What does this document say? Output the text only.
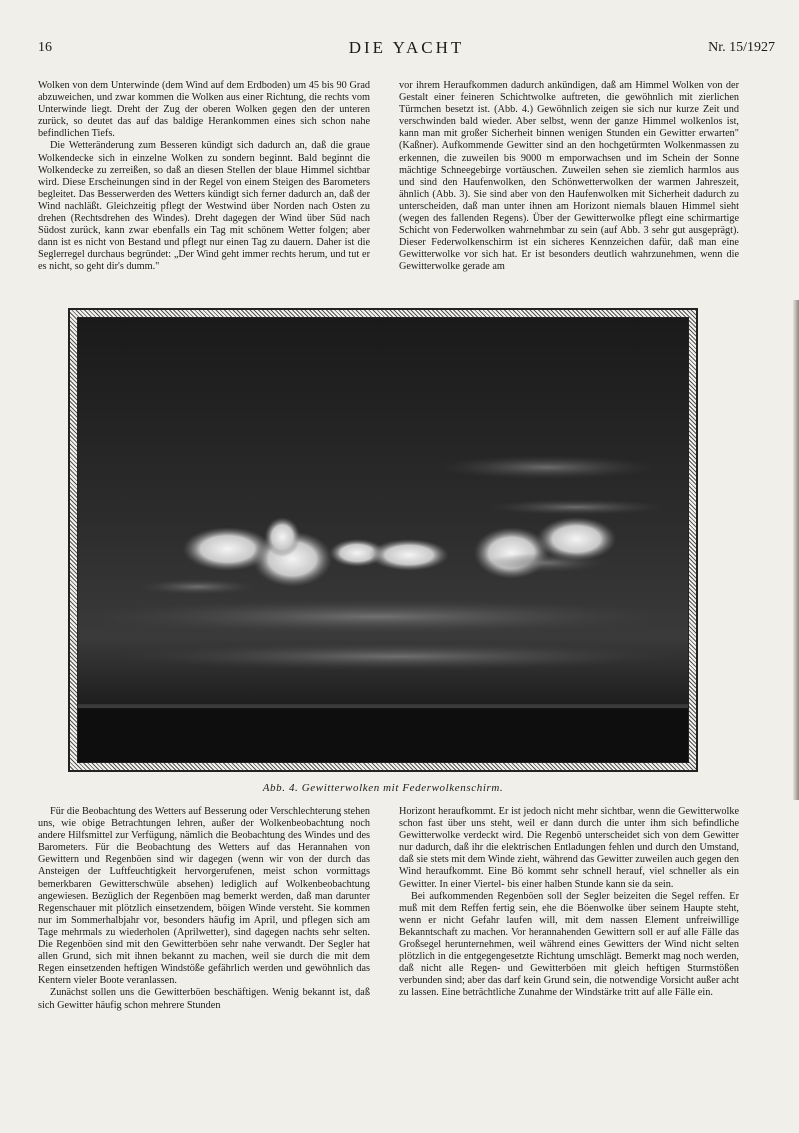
16	DIE YACHT	Nr. 15/1927

Wolken von dem Unterwinde (dem Wind auf dem Erdboden) um 45 bis 90 Grad abzuweichen, und zwar kommen die Wolken aus einer Richtung, die rechts vom Unterwinde liegt. Dreht der Zug der oberen Wolken gegen den der unteren zurück, so deutet das auf das baldige Herankommen eines sich schon nahe befindlichen Tiefs.

Die Wetteränderung zum Besseren kündigt sich dadurch an, daß die graue Wolkendecke sich in einzelne Wolken zu sondern beginnt. Bald beginnt die Wolkendecke zu zerreißen, so daß an diesen Stellen der blaue Himmel sichtbar wird. Diese Erscheinungen sind in der Regel von einem Steigen des Barometers begleitet. Das Besserwerden des Wetters kündigt sich ferner dadurch an, daß der Wind nachläßt. Gleichzeitig pflegt der Westwind über Norden nach Osten zu drehen (Rechtsdrehen des Windes). Dreht dagegen der Wind über Süd nach Südost zurück, kann zwar ebenfalls ein Tag mit schönem Wetter folgen; aber dann ist es nicht von Bestand und pflegt nur einen Tag zu dauern. Daher ist die Seglerregel durchaus begründet: „Der Wind geht immer rechts herum, und tut er es nicht, so geht dir's dumm."

vor ihrem Heraufkommen dadurch ankündigen, daß am Himmel Wolken von der Gestalt einer feineren Schichtwolke auftreten, die gewöhnlich mit zierlichen Türmchen besetzt ist. (Abb. 4.) Gewöhnlich zeigen sie sich nur kurze Zeit und verschwinden bald wieder. Aber selbst, wenn der ganze Himmel wolkenlos ist, kann man mit großer Sicherheit binnen wenigen Stunden ein Gewitter erwarten" (Kaßner). Aufkommende Gewitter sind an den hochgetürmten Wolkenmassen zu erkennen, die zuweilen bis 9000 m emporwachsen und im Schein der Sonne mächtige Schneegebirge vortäuschen. Zuweilen sehen sie ziemlich harmlos aus und sind den Haufenwolken, den Schönwetterwolken der warmen Jahreszeit, ähnlich (Abb. 3). Sie sind aber von den Haufenwolken mit Sicherheit dadurch zu unterscheiden, daß man unter ihnen am Horizont niemals blauen Himmel sieht (wegen des fallenden Regens). Über der Gewitterwolke pflegt eine schirmartige Schicht von Federwolken wahrnehmbar zu sein (auf Abb. 3 sehr gut ausgeprägt). Dieser Federwolkenschirm ist ein sicheres Kennzeichen dafür, daß man eine Gewitterwolke vor sich hat. Er ist besonders deutlich wahrzunehmen, wenn die Gewitterwolke gerade am

Abb. 4. Gewitterwolken mit Federwolkenschirm.

Für die Beobachtung des Wetters auf Besserung oder Verschlechterung stehen uns, wie obige Betrachtungen lehren, außer der Wolkenbeobachtung noch andere Hilfsmittel zur Verfügung, nämlich die Beobachtung des Windes und des Barometers. Für die Beobachtung des Wetters auf das Herannahen von Gewittern und Regenböen sind wir dagegen (wenn wir von der durch das Ansteigen der Luftfeuchtigkeit hervorgerufenen, meist schon vormittags bemerkbaren Gewitterschwüle absehen) lediglich auf Wolkenbeobachtung angewiesen. Bezüglich der Regenböen mag bemerkt werden, daß man darunter Regenschauer mit plötzlich einsetzendem, böigen Winde versteht. Sie kommen nur im Sommerhalbjahr vor, besonders häufig im April, und pflegen sich am Tage mehrmals zu wiederholen (Aprilwetter), sind dagegen nachts sehr selten. Die Regenböen sind mit den Gewitterböen sehr nahe verwandt. Der Segler hat allen Grund, sich mit ihnen bekannt zu machen, weil sie durch die mit dem Regen einsetzenden heftigen Windstöße gefährlich werden und gewöhnlich das Kentern vieler Boote veranlassen.

Zunächst sollen uns die Gewitterböen beschäftigen. Wenig bekannt ist, daß sich Gewitter häufig schon mehrere Stunden

Horizont heraufkommt. Er ist jedoch nicht mehr sichtbar, wenn die Gewitterwolke schon fast über uns steht, weil er dann durch die unter ihm sich befindliche Gewitterwolke verdeckt wird. Die Regenbö unterscheidet sich von dem Gewitter nur dadurch, daß ihr die elektrischen Entladungen fehlen und durch den Umstand, daß sie stets mit dem Winde zieht, während das Gewitter zuweilen auch gegen den Wind heraufkommt. Eine Bö kommt sehr schnell herauf, viel schneller als ein Gewitter. In einer Viertel- bis einer halben Stunde kann sie da sein.

Bei aufkommenden Regenböen soll der Segler beizeiten die Segel reffen. Er muß mit dem Reffen fertig sein, ehe die Böenwolke über seinem Haupte steht, wenn er nicht Gefahr laufen will, mit dem nassen Element unfreiwillige Bekanntschaft zu machen. Vor herannahenden Gewittern soll er auf alle Fälle das Großsegel herunternehmen, weil während eines Gewitters der Wind nicht selten plötzlich in die entgegengesetzte Richtung umschlägt. Bemerkt mag noch werden, daß nicht alle Regen- und Gewitterböen mit gleich heftigen Sturmstößen verbunden sind; aber das darf kein Grund sein, die notwendige Vorsicht außer acht zu lassen. Eine beträchtliche Zunahme der Windstärke tritt auf alle Fälle ein.
